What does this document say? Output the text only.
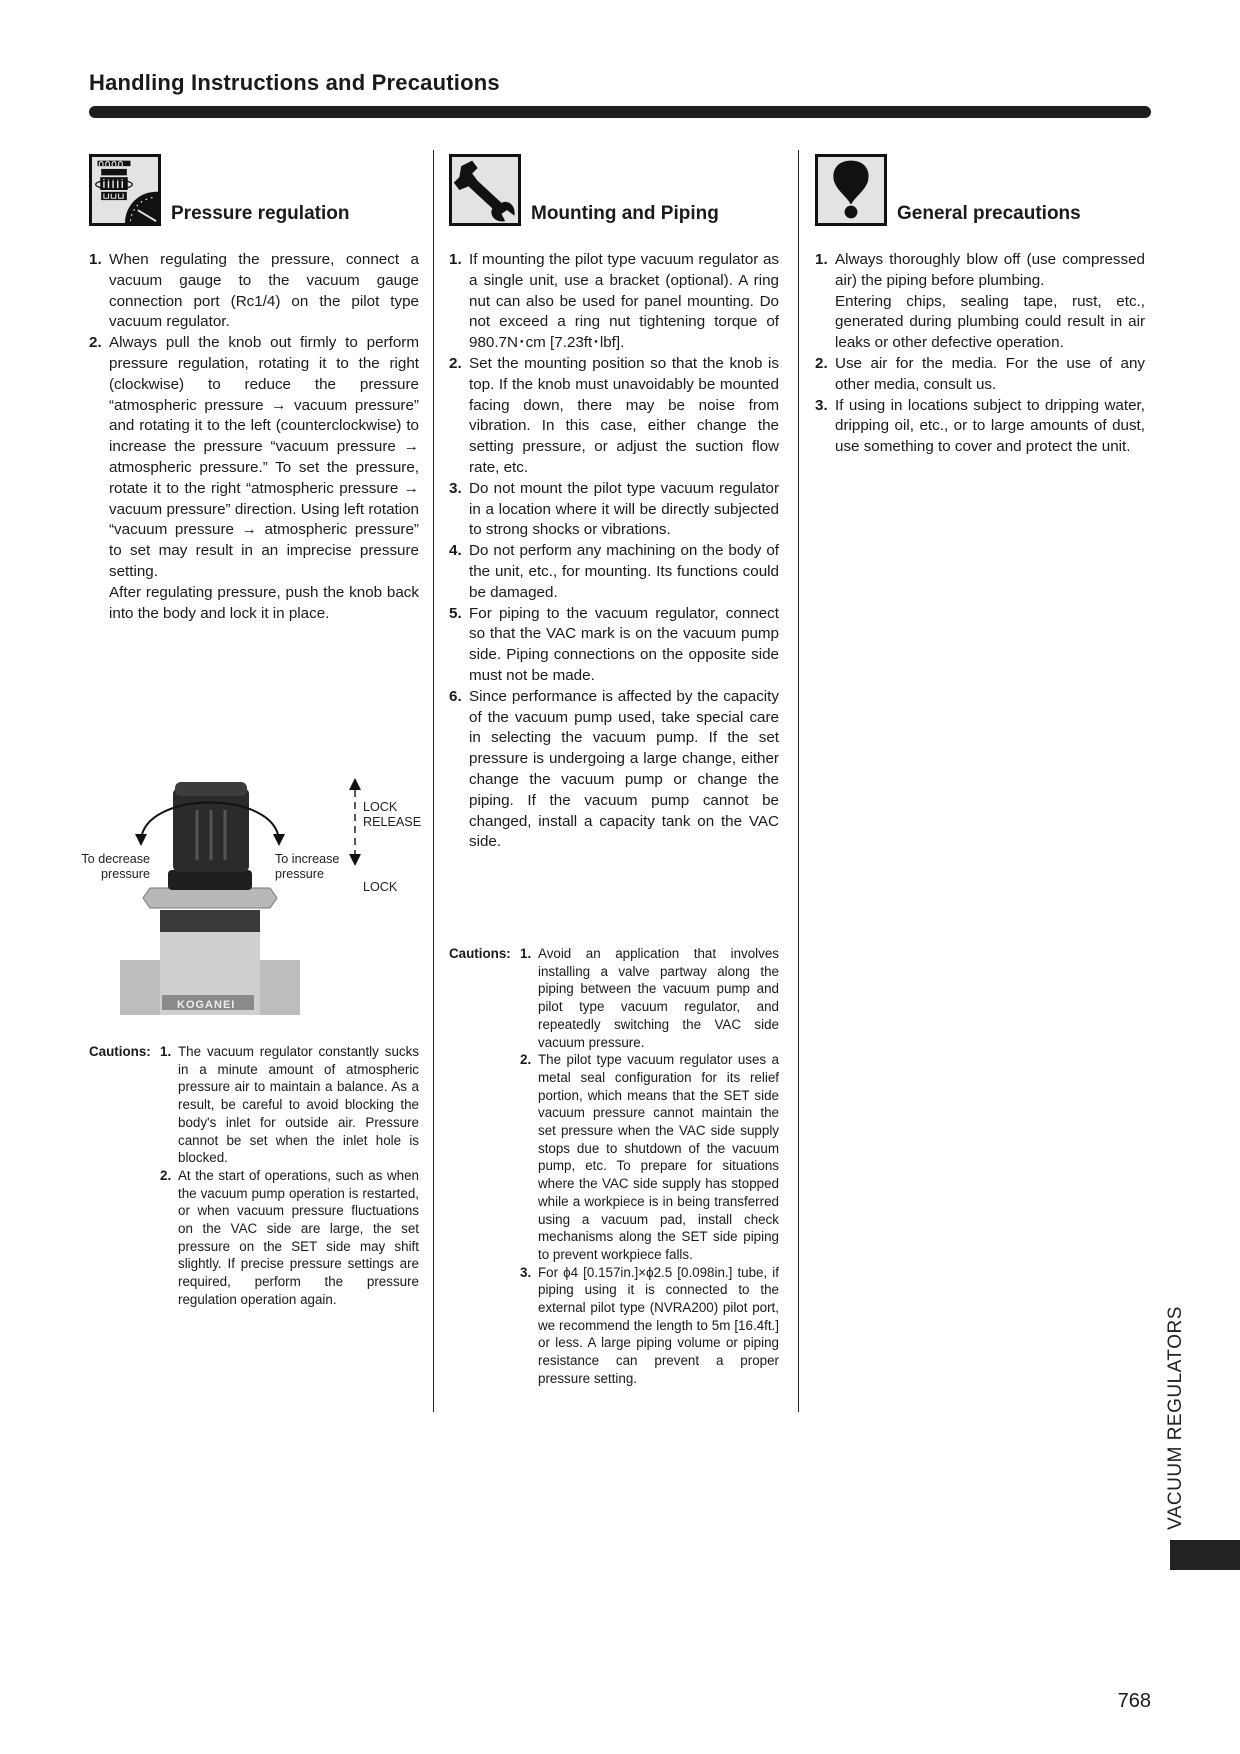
Handling Instructions and Precautions
Pressure regulation
1. When regulating the pressure, connect a vacuum gauge to the vacuum gauge connection port (Rc1/4) on the pilot type vacuum regulator.

2. Always pull the knob out firmly to perform pressure regulation, rotating it to the right (clockwise) to reduce the pressure “atmospheric pressure → vacuum pressure” and rotating it to the left (counterclockwise) to increase the pressure “vacuum pressure → atmospheric pressure.” To set the pressure, rotate it to the right “atmospheric pressure → vacuum pressure” direction. Using left rotation “vacuum pressure → atmospheric pressure” to set may result in an imprecise pressure setting.

After regulating pressure, push the knob back into the body and lock it in place.

To decrease
pressure
To increase
pressure
LOCK
RELEASE
LOCK
KOGANEI
Cautions: 1. The vacuum regulator constantly sucks in a minute amount of atmospheric pressure air to maintain a balance. As a result, be careful to avoid blocking the body's inlet for outside air. Pressure cannot be set when the inlet hole is blocked.
2. At the start of operations, such as when the vacuum pump operation is restarted, or when vacuum pressure fluctuations on the VAC side are large, the set pressure on the SET side may shift slightly. If precise pressure settings are required, perform the pressure regulation operation again.
Mounting and Piping
1. If mounting the pilot type vacuum regulator as a single unit, use a bracket (optional). A ring nut can also be used for panel mounting. Do not exceed a ring nut tightening torque of 980.7N･cm [7.23ft･lbf].

2. Set the mounting position so that the knob is top. If the knob must unavoidably be mounted facing down, there may be noise from vibration. In this case, either change the setting pressure, or adjust the suction flow rate, etc.

3. Do not mount the pilot type vacuum regulator in a location where it will be directly subjected to strong shocks or vibrations.

4. Do not perform any machining on the body of the unit, etc., for mounting. Its functions could be damaged.

5. For piping to the vacuum regulator, connect so that the VAC mark is on the vacuum pump side. Piping connections on the opposite side must not be made.

6. Since performance is affected by the capacity of the vacuum pump used, take special care in selecting the vacuum pump. If the set pressure is undergoing a large change, either change the vacuum pump or change the piping. If the vacuum pump cannot be changed, install a capacity tank on the VAC side.

Cautions: 1. Avoid an application that involves installing a valve partway along the piping between the vacuum pump and pilot type vacuum regulator, and repeatedly switching the VAC side vacuum pressure.
2. The pilot type vacuum regulator uses a metal seal configuration for its relief portion, which means that the SET side vacuum pressure cannot maintain the set pressure when the VAC side supply stops due to shutdown of the vacuum pump, etc. To prepare for situations where the VAC side supply has stopped while a workpiece is in being transferred using a vacuum pad, install check mechanisms along the SET side piping to prevent workpiece falls.
3. For ϕ4 [0.157in.]×ϕ2.5 [0.098in.] tube, if piping using it is connected to the external pilot type (NVRA200) pilot port, we recommend the length to 5m [16.4ft.] or less. A large piping volume or piping resistance can prevent a proper pressure setting.
General precautions
1. Always thoroughly blow off (use compressed air) the piping before plumbing.

Entering chips, sealing tape, rust, etc., generated during plumbing could result in air leaks or other defective operation.

2. Use air for the media. For the use of any other media, consult us.

3. If using in locations subject to dripping water, dripping oil, etc., or to large amounts of dust, use something to cover and protect the unit.

VACUUM REGULATORS
768
